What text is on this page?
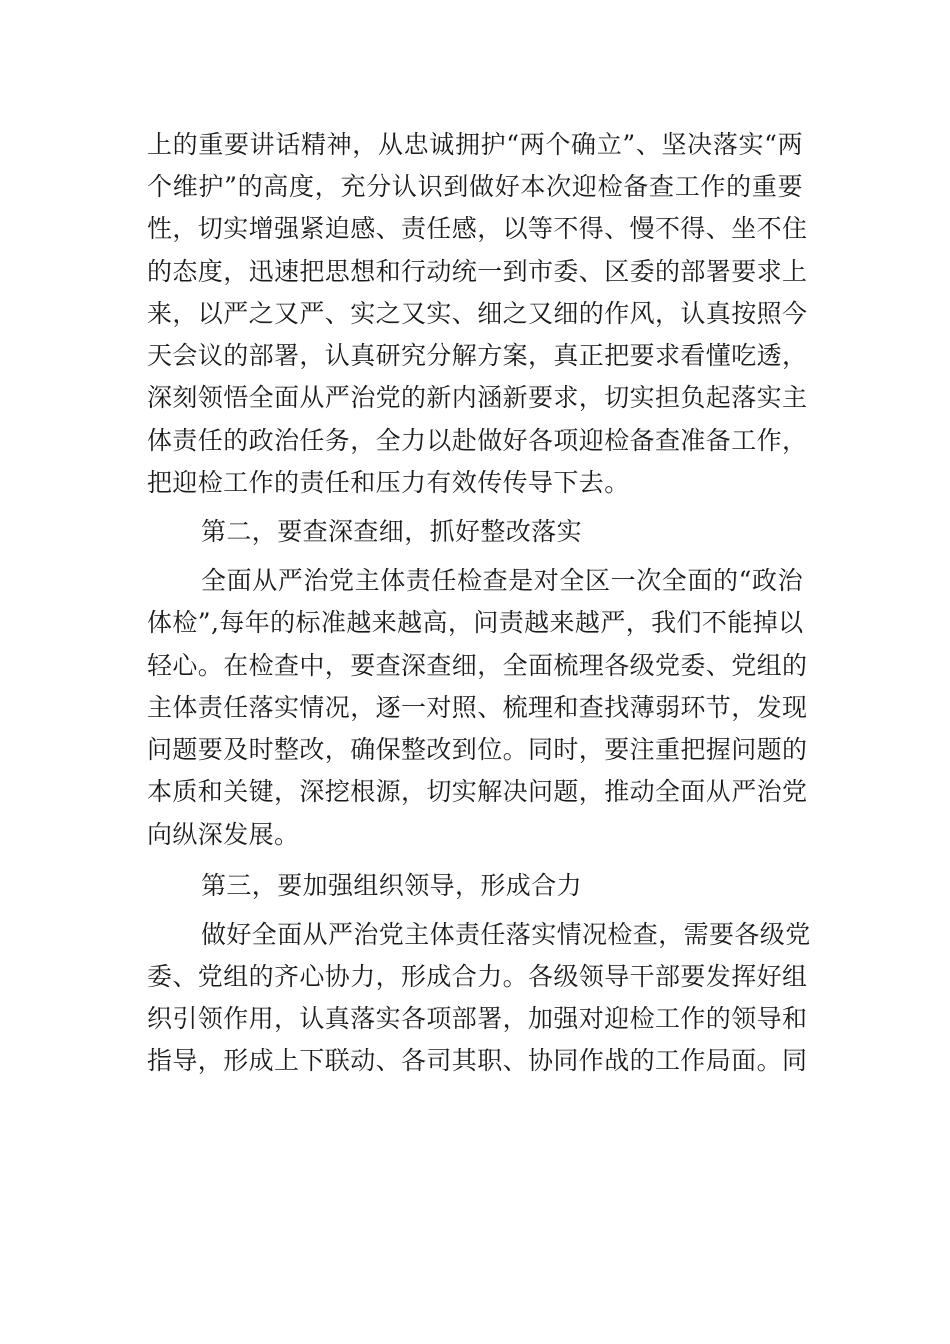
上的重要讲话精神，从忠诚拥护“两个确立”、坚决落实“两
个维护”的高度，充分认识到做好本次迎检备查工作的重要
性，切实增强紧迫感、责任感，以等不得、慢不得、坐不住
的态度，迅速把思想和行动统一到市委、区委的部署要求上
来，以严之又严、实之又实、细之又细的作风，认真按照今
天会议的部署，认真研究分解方案，真正把要求看懂吃透，
深刻领悟全面从严治党的新内涵新要求，切实担负起落实主
体责任的政治任务，全力以赴做好各项迎检备查准备工作，
把迎检工作的责任和压力有效传传导下去。
第二，要查深查细，抓好整改落实
全面从严治党主体责任检查是对全区一次全面的“政治
体检”,每年的标准越来越高，问责越来越严，我们不能掉以
轻心。在检查中，要查深查细，全面梳理各级党委、党组的
主体责任落实情况，逐一对照、梳理和查找薄弱环节，发现
问题要及时整改，确保整改到位。同时，要注重把握问题的
本质和关键，深挖根源，切实解决问题，推动全面从严治党
向纵深发展。
第三，要加强组织领导，形成合力
做好全面从严治党主体责任落实情况检查，需要各级党
委、党组的齐心协力，形成合力。各级领导干部要发挥好组
织引领作用，认真落实各项部署，加强对迎检工作的领导和
指导，形成上下联动、各司其职、协同作战的工作局面。同
